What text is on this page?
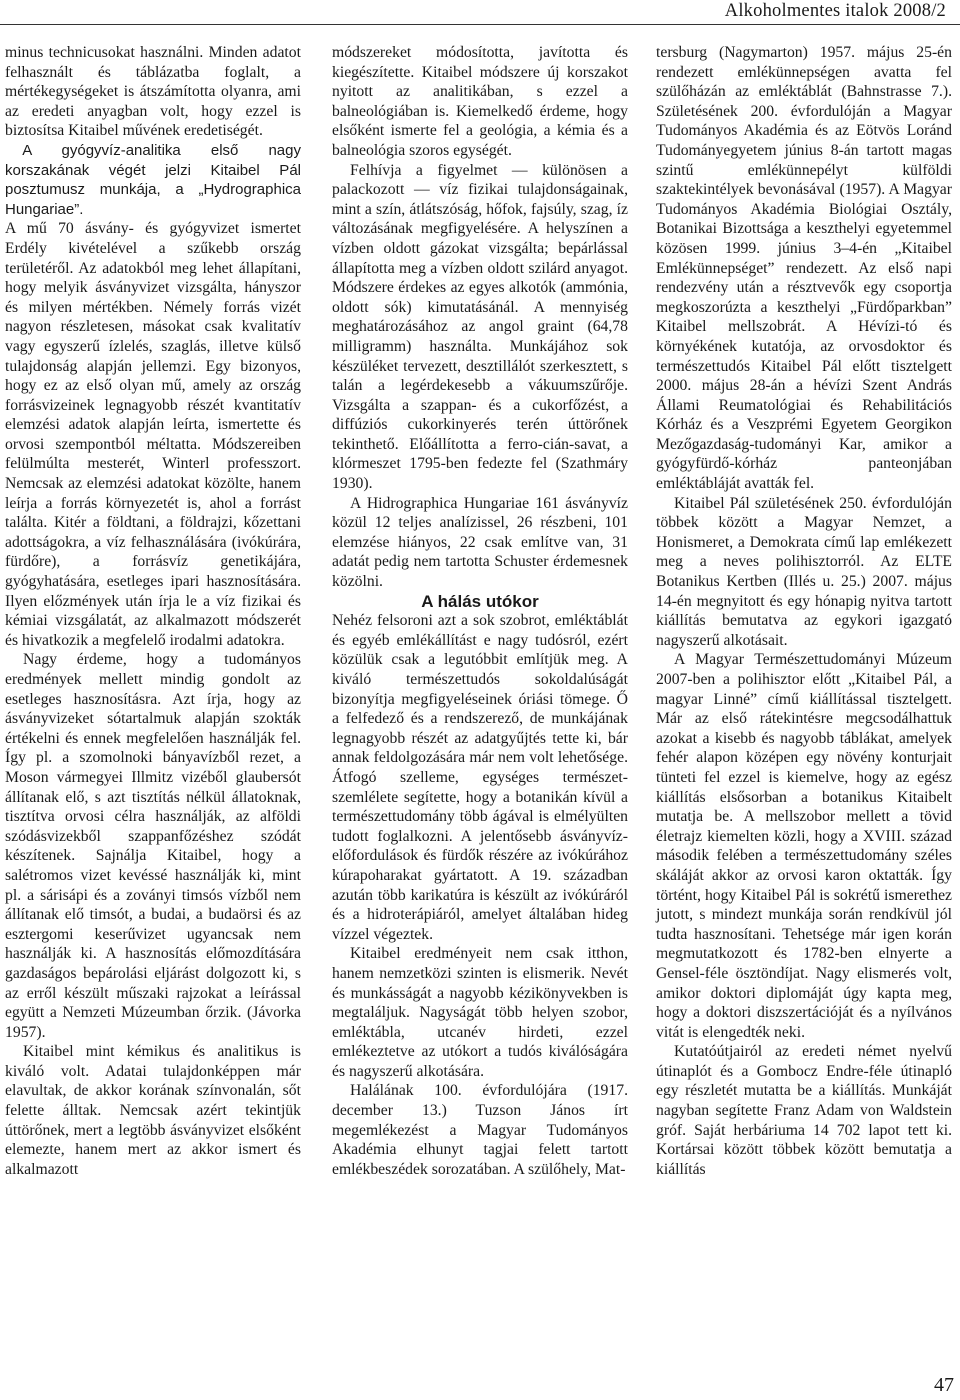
Alkoholmentes italok 2008/2

minus technicusokat használni. Minden adatot felhasznált és táblázatba foglalt, a mértékegységeket is átszámította olyanra, ami az eredeti anyagban volt, hogy ezzel is biztosítsa Kitaibel művének eredetiségét.

A gyógyvíz-analitika első nagy korszakának végét jelzi Kitaibel Pál posztumusz munkája, a „Hydrographica Hungariae”.

A mű 70 ásvány- és gyógyvizet ismertet Erdély kivételével a szűkebb ország területéről. Az adatokból meg lehet állapítani, hogy melyik ásványvizet vizsgálta, hányszor és milyen mértékben. Némely forrás vizét nagyon részletesen, másokat csak kvalitatív vagy egyszerű ízlelés, szaglás, illetve külső tulajdonság alapján jellemzi. Egy bizonyos, hogy ez az első olyan mű, amely az ország forrásvizeinek legnagyobb részét kvantitatív elemzési adatok alapján leírta, ismertette és orvosi szempontból méltatta. Módszereiben felülmúlta mesterét, Winterl professzort. Nemcsak az elemzési adatokat közölte, hanem leírja a forrás környezetét is, ahol a forrást találta. Kitér a földtani, a földrajzi, kőzettani adottságokra, a víz felhasználására (ivókúrára, fürdőre), a forrásvíz genetikájára, gyógyhatására, esetleges ipari hasznosítására. Ilyen előzmények után írja le a víz fizikai és kémiai vizsgálatát, az alkalmazott módszerét és hivatkozik a megfelelő irodalmi adatokra.

Nagy érdeme, hogy a tudományos eredmények mellett mindig gondolt az esetleges hasznosításra. Azt írja, hogy az ásványvizeket sótartalmuk alapján szokták értékelni és ennek megfelelően használják fel. Így pl. a szomolnoki bányavízből rezet, a Moson vármegyei Illmitz vizéből glaubersót állítanak elő, s azt tisztítás nélkül állatoknak, tisztítva orvosi célra használják, az alföldi szódásvizekből szappanfőzéshez szódát készítenek. Sajnálja Kitaibel, hogy a salétromos vizet kevéssé használják ki, mint pl. a sárisápi és a zoványi timsós vízből nem állítanak elő timsót, a budai, a budaörsi és az esztergomi keserűvizet ugyancsak nem használják ki. A hasznosítás előmozdítására gazdaságos bepárolási eljárást dolgozott ki, s az erről készült műszaki rajzokat a leírással együtt a Nemzeti Múzeumban őrzik. (Jávorka 1957).

Kitaibel mint kémikus és analitikus is kiváló volt. Adatai tulajdonképpen már elavultak, de akkor korának színvonalán, sőt felette álltak. Nemcsak azért tekintjük úttörőnek, mert a legtöbb ásványvizet elsőként elemezte, hanem mert az akkor ismert és alkalmazott

módszereket módosította, javította és kiegészítette. Kitaibel módszere új korszakot nyitott az analitikában, s ezzel a balneológiában is. Kiemelkedő érdeme, hogy elsőként ismerte fel a geológia, a kémia és a balneológia szoros egységét.

Felhívja a figyelmet — különösen a palackozott — víz fizikai tulajdonságainak, mint a szín, átlátszóság, hőfok, fajsúly, szag, íz változásának megfigyelésére. A helyszínen a vízben oldott gázokat vizsgálta; bepárlással állapította meg a vízben oldott szilárd anyagot. Módszere érdekes az egyes alkotók (ammónia, oldott sók) kimutatásánál. A mennyiség meghatározásához az angol graint (64,78 milligramm) használta. Munkájához sok készüléket tervezett, desztillálót szerkesztett, s talán a legérdekesebb a vákuumszűrője. Vizsgálta a szappan- és a cukorfőzést, a diffúziós cukorkinyerés terén úttörőnek tekinthető. Előállította a ferro-cián-savat, a klórmeszet 1795-ben fedezte fel (Szathmáry 1930).

A Hidrographica Hungariae 161 ásványvíz közül 12 teljes analízissel, 26 részbeni, 101 elemzése hiányos, 22 csak említve van, 31 adatát pedig nem tartotta Schuster érdemesnek közölni.

A hálás utókor

Nehéz felsoroni azt a sok szobrot, emléktáblát és egyéb emlékállítást e nagy tudósról, ezért közülük csak a legutóbbit említjük meg. A kiváló természettudós sokoldalúságát bizonyítja megfigyeléseinek óriási tömege. Ő a felfedező és a rendszerező, de munkájának legnagyobb részét az adatgyűjtés tette ki, bár annak feldolgozására már nem volt lehetősége. Átfogó szelleme, egységes természet-szemlélete segítette, hogy a botanikán kívül a természettudomány több ágával is elmélyülten tudott foglalkozni. A jelentősebb ásványvíz-előfordulások és fürdők részére az ivókúrához kúrapoharakat gyártatott. A 19. században azután több karikatúra is készült az ivókúráról és a hidroterápiáról, amelyet általában hideg vízzel végeztek.

Kitaibel eredményeit nem csak itthon, hanem nemzetközi szinten is elismerik. Nevét és munkásságát a nagyobb kézikönyvekben is megtaláljuk. Nagyságát több helyen szobor, emléktábla, utcanév hirdeti, ezzel emlékeztetve az utókort a tudós kiválóságára és nagyszerű alkotására.

Halálának 100. évfordulójára (1917. december 13.) Tuzson János írt megemlékezést a Magyar Tudományos Akadémia elhunyt tagjai felett tartott emlékbeszédek sorozatában. A szülőhely, Mat-

tersburg (Nagymarton) 1957. május 25-én rendezett emlékünnepségen avatta fel szülőházán az emléktáblát (Bahnstrasse 7.). Születésének 200. évfordulóján a Magyar Tudományos Akadémia és az Eötvös Loránd Tudományegyetem június 8-án tartott magas szintű emlékünnepélyt külföldi szaktekintélyek bevonásával (1957). A Magyar Tudományos Akadémia Biológiai Osztály, Botanikai Bizottsága a keszthelyi egyetemmel közösen 1999. június 3–4-én „Kitaibel Emlékünnepséget” rendezett. Az első napi rendezvény után a résztvevők egy csoportja megkoszorúzta a keszthelyi „Fürdőparkban” Kitaibel mellszobrát. A Hévízi-tó és környékének kutatója, az orvosdoktor és természettudós Kitaibel Pál előtt tisztelgett 2000. május 28-án a hévízi Szent András Állami Reumatológiai és Rehabilitációs Kórház és a Veszprémi Egyetem Georgikon Mezőgazdaság-tudományi Kar, amikor a gyógyfürdő-kórház panteonjában emléktábláját avatták fel.

Kitaibel Pál születésének 250. évfordulóján többek között a Magyar Nemzet, a Honismeret, a Demokrata című lap emlékezett meg a neves polihisztorról. Az ELTE Botanikus Kertben (Illés u. 25.) 2007. május 14-én megnyitott és egy hónapig nyitva tartott kiállítás bemutatva az egykori igazgató nagyszerű alkotásait.

A Magyar Természettudományi Múzeum 2007-ben a polihisztor előtt „Kitaibel Pál, a magyar Linné” című kiállítással tisztelgett. Már az első rátekintésre megcsodálhattuk azokat a kisebb és nagyobb táblákat, amelyek fehér alapon középen egy növény konturjait tünteti fel ezzel is kiemelve, hogy az egész kiállítás elsősorban a botanikus Kitaibelt mutatja be. A mellszobor mellett a tövid életrajz kiemelten közli, hogy a XVIII. század második felében a természettudomány széles skáláját akkor az orvosi karon oktatták. Így történt, hogy Kitaibel Pál is sokrétű ismerethez jutott, s mindezt munkája során rendkívül jól tudta hasznosítani. Tehetsége már igen korán megmutatkozott és 1782-ben elnyerte a Gensel-féle ösztöndíjat. Nagy elismerés volt, amikor doktori diplomáját úgy kapta meg, hogy a doktori diszszertációját és a nyílvános vitát is elengedték neki.

Kutatóútjairól az eredeti német nyelvű útinaplót és a Gombocz Endre-féle útinapló egy részletét mutatta be a kiállítás. Munkáját nagyban segítette Franz Adam von Waldstein gróf. Saját herbáriuma 14 702 lapot tett ki. Kortársai között többek között bemutatja a kiállítás

47
